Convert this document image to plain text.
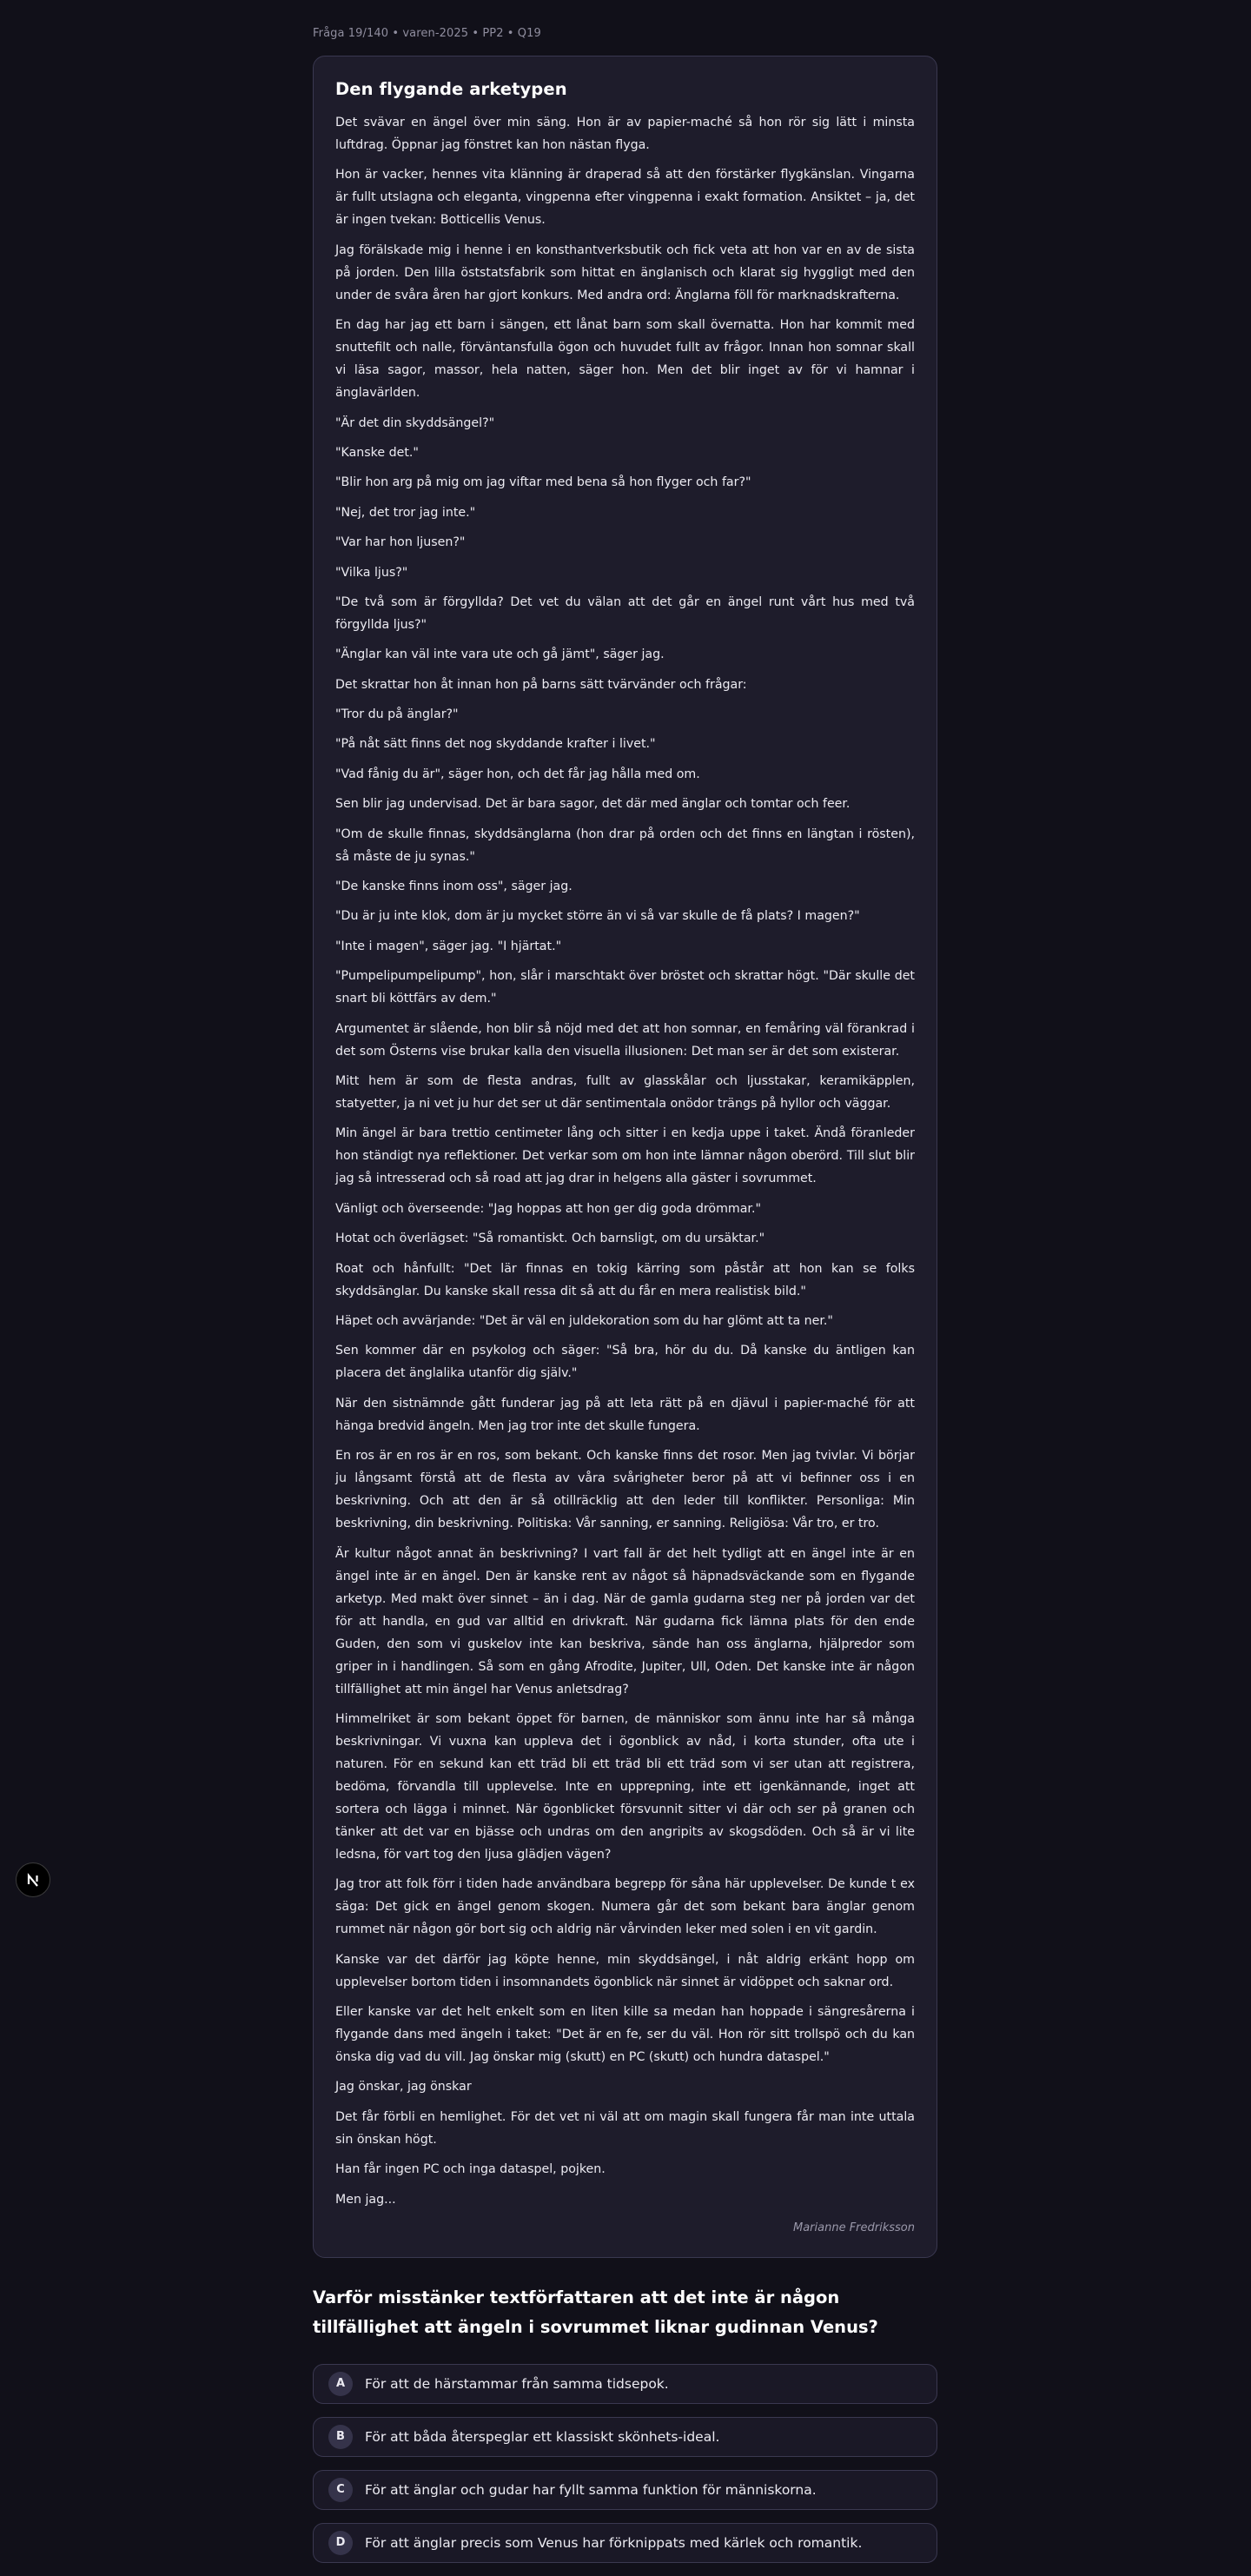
Fråga 19/140 • varen-2025 • PP2 • Q19
Den flygande arketypen

Det svävar en ängel över min säng. Hon är av papier-maché så hon rör sig lätt i minsta luftdrag. Öppnar jag fönstret kan hon nästan flyga.

Hon är vacker, hennes vita klänning är draperad så att den förstärker flygkänslan. Vingarna är fullt utslagna och eleganta, vingpenna efter vingpenna i exakt formation. Ansiktet – ja, det är ingen tvekan: Botticellis Venus.

Jag förälskade mig i henne i en konsthantverksbutik och fick veta att hon var en av de sista på jorden. Den lilla öststatsfabrik som hittat en änglanisch och klarat sig hyggligt med den under de svåra åren har gjort konkurs. Med andra ord: Änglarna föll för marknadskrafterna.

En dag har jag ett barn i sängen, ett lånat barn som skall övernatta. Hon har kommit med snuttefilt och nalle, förväntansfulla ögon och huvudet fullt av frågor. Innan hon somnar skall vi läsa sagor, massor, hela natten, säger hon. Men det blir inget av för vi hamnar i änglavärlden.

"Är det din skyddsängel?"

"Kanske det."

"Blir hon arg på mig om jag viftar med bena så hon flyger och far?"

"Nej, det tror jag inte."

"Var har hon ljusen?"

"Vilka ljus?"

"De två som är förgyllda? Det vet du välan att det går en ängel runt vårt hus med två förgyllda ljus?"

"Änglar kan väl inte vara ute och gå jämt", säger jag.

Det skrattar hon åt innan hon på barns sätt tvärvänder och frågar:

"Tror du på änglar?"

"På nåt sätt finns det nog skyddande krafter i livet."

"Vad fånig du är", säger hon, och det får jag hålla med om.

Sen blir jag undervisad. Det är bara sagor, det där med änglar och tomtar och feer.

"Om de skulle finnas, skyddsänglarna (hon drar på orden och det finns en längtan i rösten), så måste de ju synas."

"De kanske finns inom oss", säger jag.

"Du är ju inte klok, dom är ju mycket större än vi så var skulle de få plats? I magen?"

"Inte i magen", säger jag. "I hjärtat."

"Pumpelipumpelipump", hon, slår i marschtakt över bröstet och skrattar högt. "Där skulle det snart bli köttfärs av dem."

Argumentet är slående, hon blir så nöjd med det att hon somnar, en femåring väl förankrad i det som Österns vise brukar kalla den visuella illusionen: Det man ser är det som existerar.

Mitt hem är som de flesta andras, fullt av glasskålar och ljusstakar, keramikäpplen, statyetter, ja ni vet ju hur det ser ut där sentimentala onödor trängs på hyllor och väggar.

Min ängel är bara trettio centimeter lång och sitter i en kedja uppe i taket. Ändå föranleder hon ständigt nya reflektioner. Det verkar som om hon inte lämnar någon oberörd. Till slut blir jag så intresserad och så road att jag drar in helgens alla gäster i sovrummet.

Vänligt och överseende: "Jag hoppas att hon ger dig goda drömmar."

Hotat och överlägset: "Så romantiskt. Och barnsligt, om du ursäktar."

Roat och hånfullt: "Det lär finnas en tokig kärring som påstår att hon kan se folks skyddsänglar. Du kanske skall ressa dit så att du får en mera realistisk bild."

Häpet och avvärjande: "Det är väl en juldekoration som du har glömt att ta ner."

Sen kommer där en psykolog och säger: "Så bra, hör du du. Då kanske du äntligen kan placera det änglalika utanför dig själv."

När den sistnämnde gått funderar jag på att leta rätt på en djävul i papier-maché för att hänga bredvid ängeln. Men jag tror inte det skulle fungera.

En ros är en ros är en ros, som bekant. Och kanske finns det rosor. Men jag tvivlar. Vi börjar ju långsamt förstå att de flesta av våra svårigheter beror på att vi befinner oss i en beskrivning. Och att den är så otillräcklig att den leder till konflikter. Personliga: Min beskrivning, din beskrivning. Politiska: Vår sanning, er sanning. Religiösa: Vår tro, er tro.

Är kultur något annat än beskrivning? I vart fall är det helt tydligt att en ängel inte är en ängel inte är en ängel. Den är kanske rent av något så häpnadsväckande som en flygande arketyp. Med makt över sinnet – än i dag. När de gamla gudarna steg ner på jorden var det för att handla, en gud var alltid en drivkraft. När gudarna fick lämna plats för den ende Guden, den som vi guskelov inte kan beskriva, sände han oss änglarna, hjälpredor som griper in i handlingen. Så som en gång Afrodite, Jupiter, Ull, Oden. Det kanske inte är någon tillfällighet att min ängel har Venus anletsdrag?

Himmelriket är som bekant öppet för barnen, de människor som ännu inte har så många beskrivningar. Vi vuxna kan uppleva det i ögonblick av nåd, i korta stunder, ofta ute i naturen. För en sekund kan ett träd bli ett träd bli ett träd som vi ser utan att registrera, bedöma, förvandla till upplevelse. Inte en upprepning, inte ett igenkännande, inget att sortera och lägga i minnet. När ögonblicket försvunnit sitter vi där och ser på granen och tänker att det var en bjässe och undras om den angripits av skogsdöden. Och så är vi lite ledsna, för vart tog den ljusa glädjen vägen?

Jag tror att folk förr i tiden hade användbara begrepp för såna här upplevelser. De kunde t ex säga: Det gick en ängel genom skogen. Numera går det som bekant bara änglar genom rummet när någon gör bort sig och aldrig när vårvinden leker med solen i en vit gardin.

Kanske var det därför jag köpte henne, min skyddsängel, i nåt aldrig erkänt hopp om upplevelser bortom tiden i insomnandets ögonblick när sinnet är vidöppet och saknar ord.

Eller kanske var det helt enkelt som en liten kille sa medan han hoppade i sängresårerna i flygande dans med ängeln i taket: "Det är en fe, ser du väl. Hon rör sitt trollspö och du kan önska dig vad du vill. Jag önskar mig (skutt) en PC (skutt) och hundra dataspel."

Jag önskar, jag önskar

Det får förbli en hemlighet. För det vet ni väl att om magin skall fungera får man inte uttala sin önskan högt.

Han får ingen PC och inga dataspel, pojken.

Men jag...

Marianne Fredriksson
Varför misstänker textförfattaren att det inte är någon tillfällighet att ängeln i sovrummet liknar gudinnan Venus?
A	För att de härstammar från samma tidsepok.
B	För att båda återspeglar ett klassiskt skönhets-ideal.
C	För att änglar och gudar har fyllt samma funktion för människorna.
D	För att änglar precis som Venus har förknippats med kärlek och romantik.
